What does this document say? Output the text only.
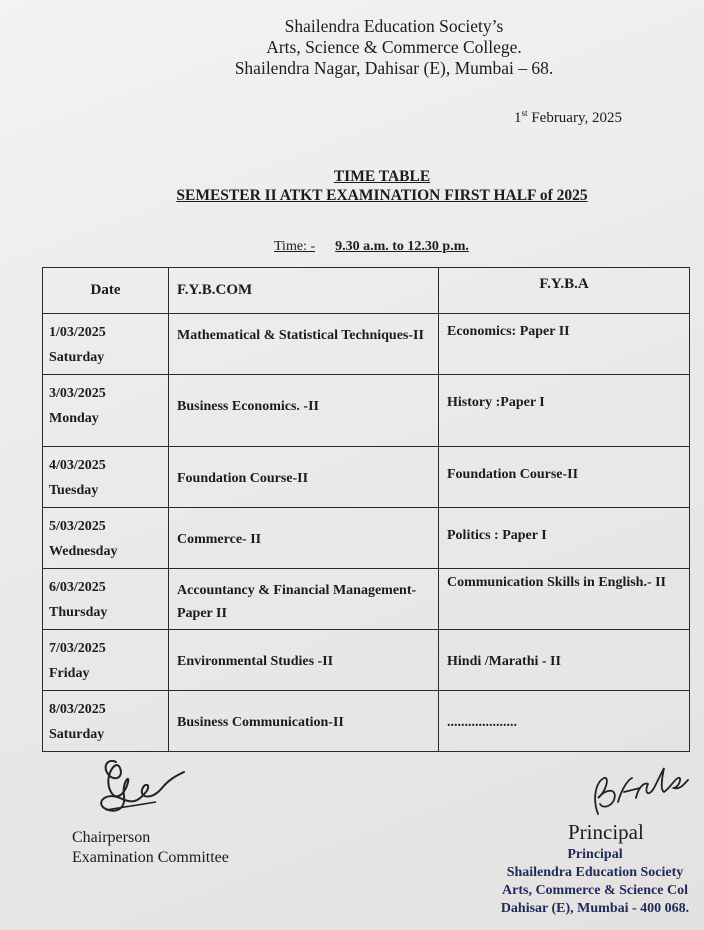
Shailendra Education Society’s
Arts, Science & Commerce College.
Shailendra Nagar, Dahisar (E), Mumbai – 68.
1st February, 2025
TIME TABLE
SEMESTER II ATKT EXAMINATION FIRST HALF of 2025
Time: - 9.30 a.m. to 12.30 p.m.
Date	F.Y.B.COM	F.Y.B.A

1/03/2025
Saturday	Mathematical & Statistical Techniques-II	Economics: Paper II

3/03/2025
Monday	Business Economics. -II	History :Paper I

4/03/2025
Tuesday	Foundation Course-II	Foundation Course-II

5/03/2025
Wednesday	Commerce- II	Politics : Paper I

6/03/2025
Thursday	Accountancy & Financial Management- Paper II	Communication Skills in English.- II

7/03/2025
Friday	Environmental Studies -II	Hindi /Marathi - II

8/03/2025
Saturday	Business Communication-II	....................
Chairperson
Examination Committee
Principal
Principal
Shailendra Education Society
Arts, Commerce & Science Col
Dahisar (E), Mumbai - 400 068.
